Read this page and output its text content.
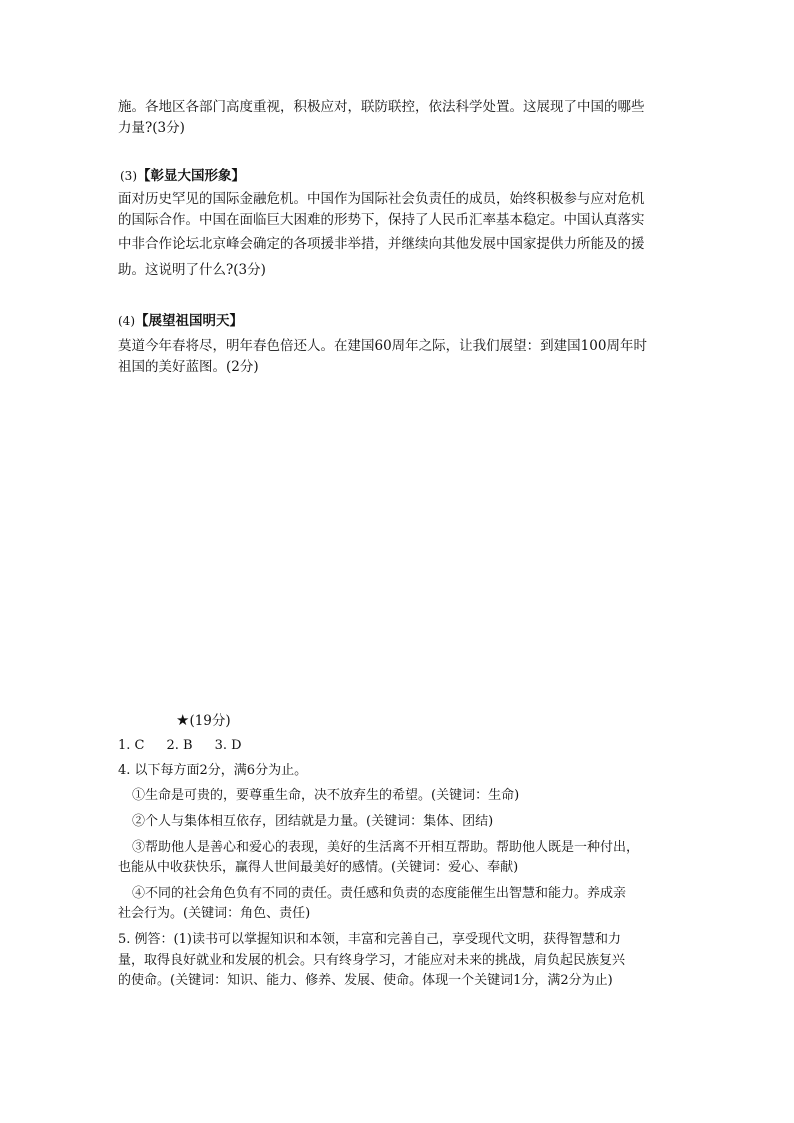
施。各地区各部门高度重视，积极应对，联防联控，依法科学处置。这展现了中国的哪些
力量?(3分)
(3)【彰显大国形象】
面对历史罕见的国际金融危机。中国作为国际社会负责任的成员，始终积极参与应对危机
的国际合作。中国在面临巨大困难的形势下，保持了人民币汇率基本稳定。中国认真落实
中非合作论坛北京峰会确定的各项援非举措，并继续向其他发展中国家提供力所能及的援
助。这说明了什么?(3分)
(4)【展望祖国明天】
莫道今年春将尽，明年春色倍还人。在建国60周年之际，让我们展望：到建国100周年时
祖国的美好蓝图。(2分)
★(19分)
1. C 2. B 3. D
4. 以下每方面2分，满6分为止。
①生命是可贵的，要尊重生命，决不放弃生的希望。(关键词：生命)
②个人与集体相互依存，团结就是力量。(关键词：集体、团结)
③帮助他人是善心和爱心的表现，美好的生活离不开相互帮助。帮助他人既是一种付出，
也能从中收获快乐，赢得人世间最美好的感情。(关键词：爱心、奉献)
④不同的社会角色负有不同的责任。责任感和负责的态度能催生出智慧和能力。养成亲
社会行为。(关键词：角色、责任)
5. 例答：(1)读书可以掌握知识和本领，丰富和完善自己，享受现代文明，获得智慧和力
量，取得良好就业和发展的机会。只有终身学习，才能应对未来的挑战，肩负起民族复兴
的使命。(关键词：知识、能力、修养、发展、使命。体现一个关键词1分，满2分为止)
